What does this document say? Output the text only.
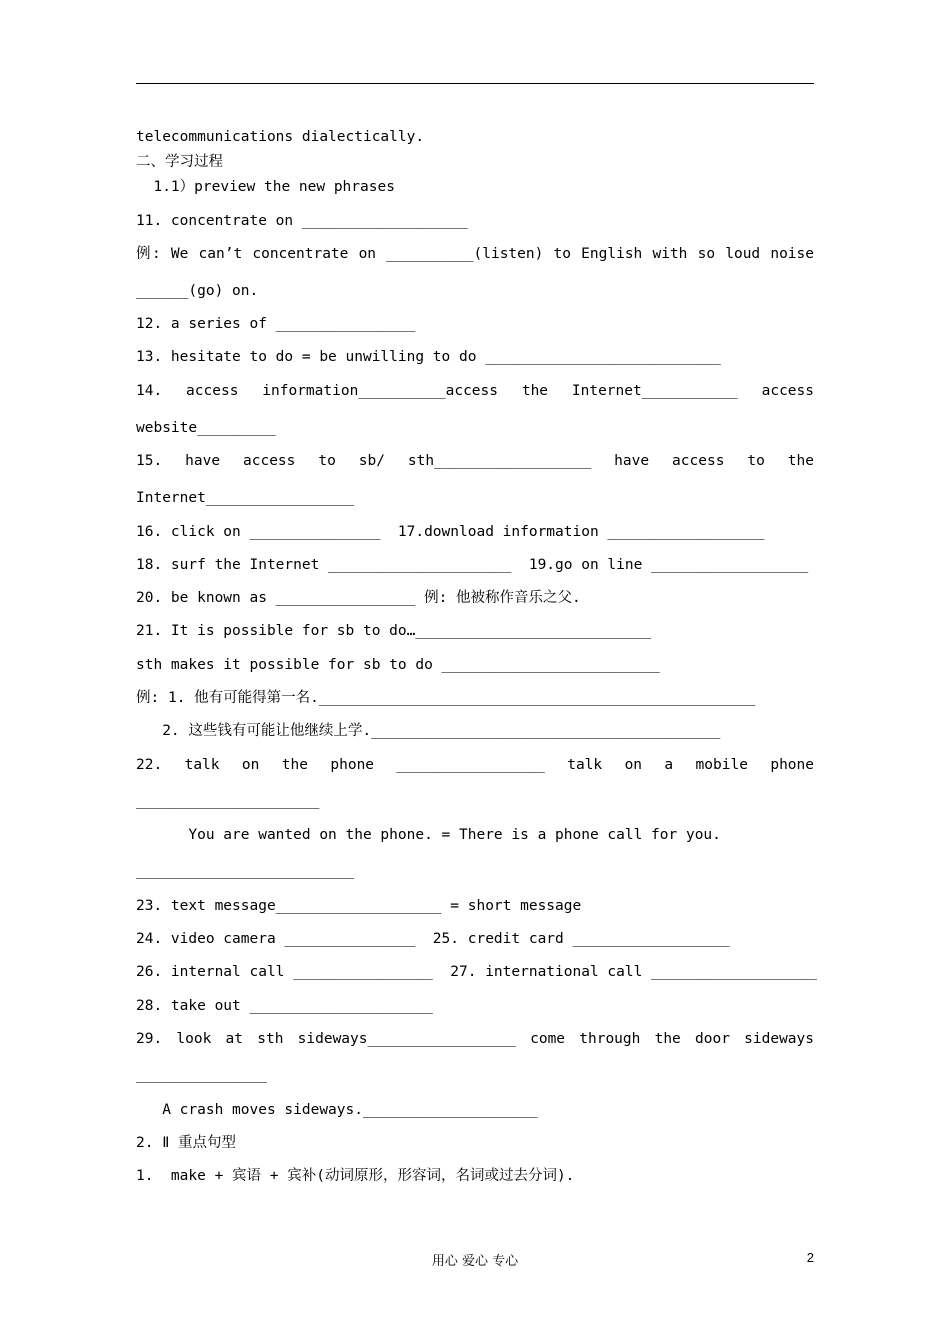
telecommunications dialectically.
二、学习过程
1.1）preview the new phrases
11. concentrate on ___________________
例: We can’t concentrate on __________(listen) to English with so loud noise
______(go) on.
12. a series of ________________
13. hesitate to do = be unwilling to do ___________________________
14. access information__________access the Internet___________ access
website_________
15. have access to sb/ sth__________________ have access to the
Internet_________________
16. click on _______________  17.download information __________________
18. surf the Internet _____________________  19.go on line __________________
20. be known as ________________ 例: 他被称作音乐之父.
21. It is possible for sb to do…___________________________
sth makes it possible for sb to do _________________________
例: 1. 他有可能得第一名.__________________________________________________
2. 这些钱有可能让他继续上学.________________________________________
22. talk on the phone _________________ talk on a mobile phone
_____________________
You are wanted on the phone. = There is a phone call for you.
_________________________
23. text message___________________ = short message
24. video camera _______________  25. credit card __________________
26. internal call ________________  27. international call ___________________
28. take out _____________________
29. look at sth sideways_________________ come through the door sideways
_______________
A crash moves sideways.____________________
2. Ⅱ 重点句型
1.  make + 宾语 + 宾补(动词原形，形容词，名词或过去分词).
用心 爱心 专心	2
